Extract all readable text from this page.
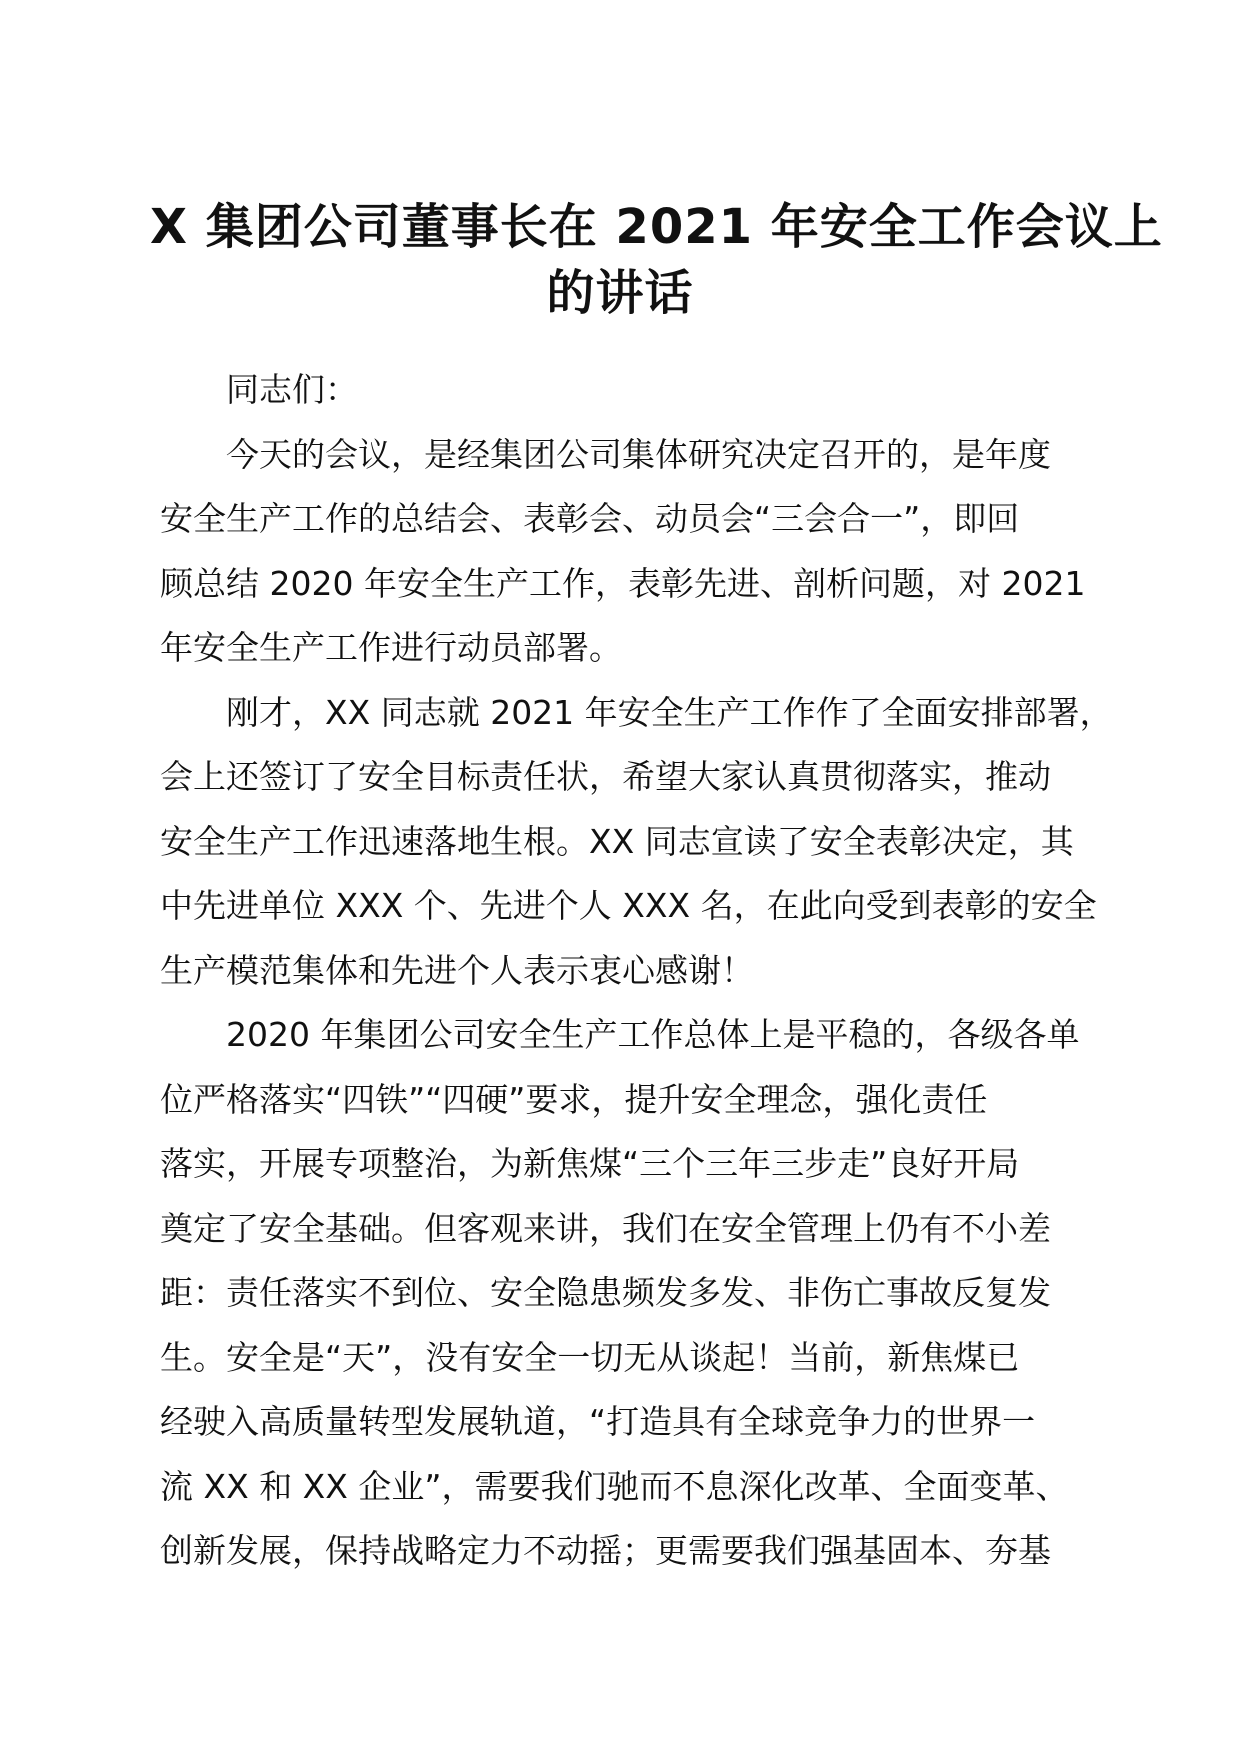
X 集团公司董事长在 2021 年安全工作会议上
的讲话
同志们：
今天的会议，是经集团公司集体研究决定召开的，是年度
安全生产工作的总结会、表彰会、动员会“三会合一”，即回
顾总结 2020 年安全生产工作，表彰先进、剖析问题，对 2021
年安全生产工作进行动员部署。
刚才，XX 同志就 2021 年安全生产工作作了全面安排部署，
会上还签订了安全目标责任状，希望大家认真贯彻落实，推动
安全生产工作迅速落地生根。XX 同志宣读了安全表彰决定，其
中先进单位 XXX 个、先进个人 XXX 名，在此向受到表彰的安全
生产模范集体和先进个人表示衷心感谢！
2020 年集团公司安全生产工作总体上是平稳的，各级各单
位严格落实“四铁”“四硬”要求，提升安全理念，强化责任
落实，开展专项整治，为新焦煤“三个三年三步走”良好开局
奠定了安全基础。但客观来讲，我们在安全管理上仍有不小差
距：责任落实不到位、安全隐患频发多发、非伤亡事故反复发
生。安全是“天”，没有安全一切无从谈起！当前，新焦煤已
经驶入高质量转型发展轨道，“打造具有全球竞争力的世界一
流 XX 和 XX 企业”，需要我们驰而不息深化改革、全面变革、
创新发展，保持战略定力不动摇；更需要我们强基固本、夯基
